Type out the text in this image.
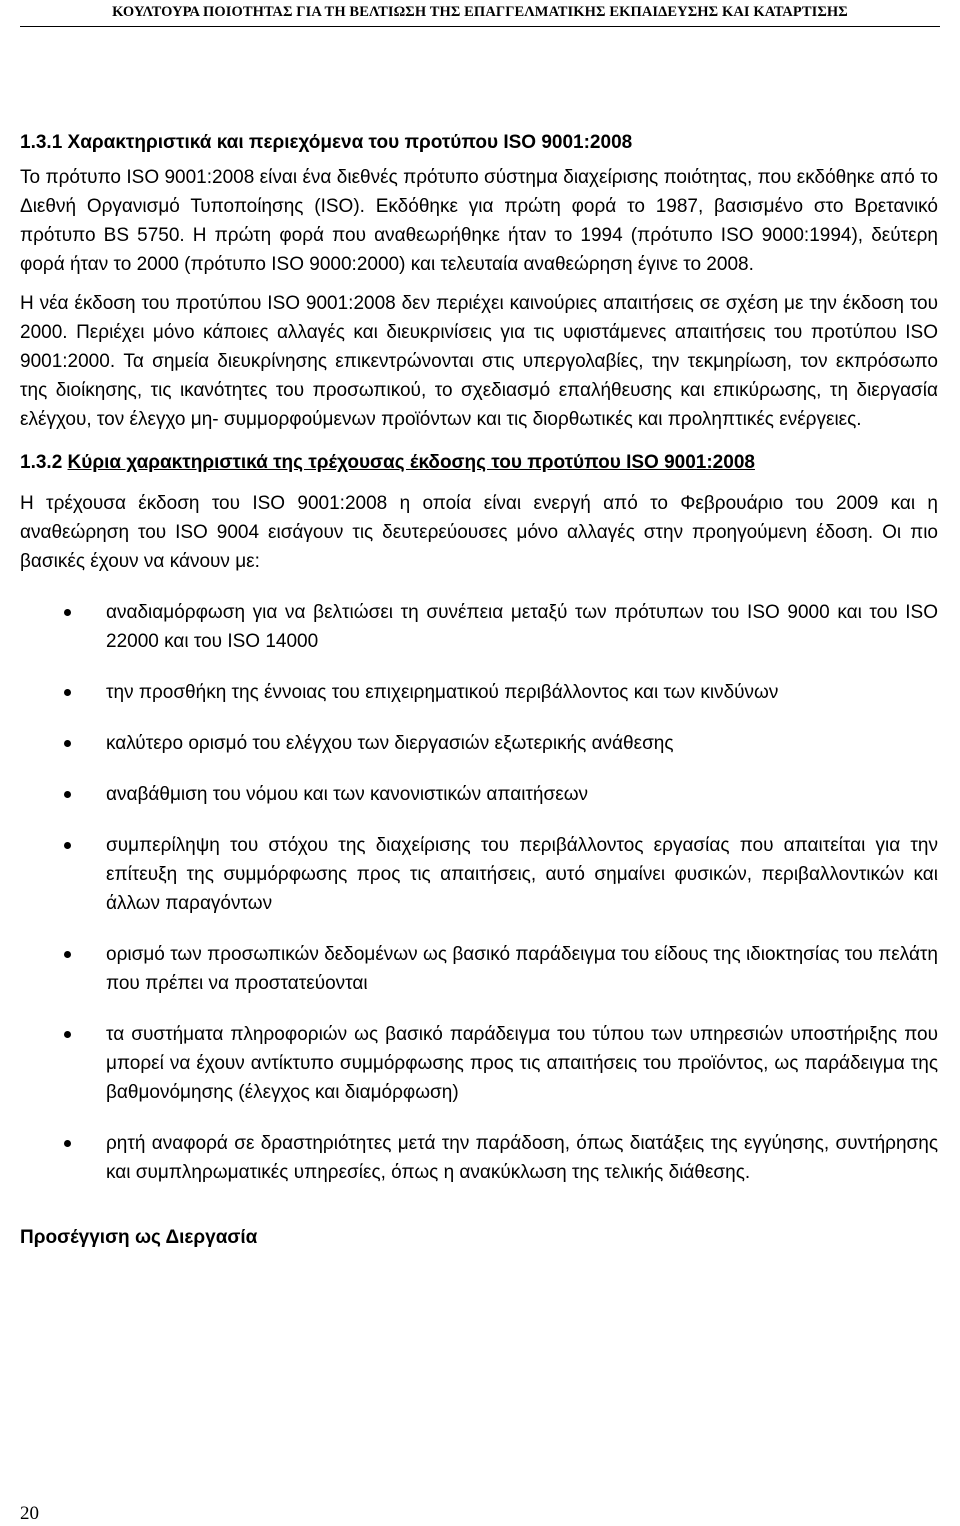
ΚΟΥΛΤΟΥΡΑ ΠΟΙΟΤΗΤΑΣ ΓΙΑ ΤΗ ΒΕΛΤΙΩΣΗ ΤΗΣ ΕΠΑΓΓΕΛΜΑΤΙΚΗΣ ΕΚΠΑΙΔΕΥΣΗΣ ΚΑΙ ΚΑΤΑΡΤΙΣΗΣ
1.3.1 Χαρακτηριστικά και περιεχόμενα του προτύπου ISO 9001:2008

Το πρότυπο ISO 9001:2008 είναι ένα διεθνές πρότυπο σύστημα διαχείρισης ποιότητας, που εκδόθηκε από το Διεθνή Οργανισμό Τυποποίησης (ISO). Εκδόθηκε για πρώτη φορά το 1987, βασισμένο στο Βρετανικό πρότυπο BS 5750. Η πρώτη φορά που αναθεωρήθηκε ήταν το 1994 (πρότυπο ISO 9000:1994), δεύτερη φορά ήταν το 2000 (πρότυπο ISO 9000:2000) και τελευταία αναθεώρηση έγινε το 2008.

Η νέα έκδοση του προτύπου ISO 9001:2008 δεν περιέχει καινούριες απαιτήσεις σε σχέση με την έκδοση του 2000. Περιέχει μόνο κάποιες αλλαγές και διευκρινίσεις για τις υφιστάμενες απαιτήσεις του προτύπου ISO 9001:2000. Τα σημεία διευκρίνησης επικεντρώνονται στις υπεργολαβίες, την τεκμηρίωση, τον εκπρόσωπο της διοίκησης, τις ικανότητες του προσωπικού, το σχεδιασμό επαλήθευσης και επικύρωσης, τη διεργασία ελέγχου, τον έλεγχο μη- συμμορφούμενων προϊόντων και τις διορθωτικές και προληπτικές ενέργειες.

1.3.2 Κύρια χαρακτηριστικά της τρέχουσας έκδοσης του προτύπου ISO 9001:2008

Η τρέχουσα έκδοση του ISO 9001:2008 η οποία είναι ενεργή από το Φεβρουάριο του 2009 και η αναθεώρηση του ISO 9004 εισάγουν τις δευτερεύουσες μόνο αλλαγές στην προηγούμενη έδοση. Οι πιο βασικές έχουν να κάνουν με:

αναδιαμόρφωση για να βελτιώσει τη συνέπεια μεταξύ των πρότυπων του ISO 9000 και του ISO 22000 και του ISO 14000
την προσθήκη της έννοιας του επιχειρηματικού περιβάλλοντος και των κινδύνων
καλύτερο ορισμό του ελέγχου των διεργασιών εξωτερικής ανάθεσης
αναβάθμιση του νόμου και των κανονιστικών απαιτήσεων
συμπερίληψη του στόχου της διαχείρισης του περιβάλλοντος εργασίας που απαιτείται για την επίτευξη της συμμόρφωσης προς τις απαιτήσεις, αυτό σημαίνει φυσικών, περιβαλλοντικών και άλλων παραγόντων
ορισμό των προσωπικών δεδομένων ως βασικό παράδειγμα του είδους της ιδιοκτησίας του πελάτη που πρέπει να προστατεύονται
τα συστήματα πληροφοριών ως βασικό παράδειγμα του τύπου των υπηρεσιών υποστήριξης που μπορεί να έχουν αντίκτυπο συμμόρφωσης προς τις απαιτήσεις του προϊόντος, ως παράδειγμα της βαθμονόμησης (έλεγχος και διαμόρφωση)
ρητή αναφορά σε δραστηριότητες μετά την παράδοση, όπως διατάξεις της εγγύησης, συντήρησης και συμπληρωματικές υπηρεσίες, όπως η ανακύκλωση της τελικής διάθεσης.
Προσέγγιση ως Διεργασία
20
